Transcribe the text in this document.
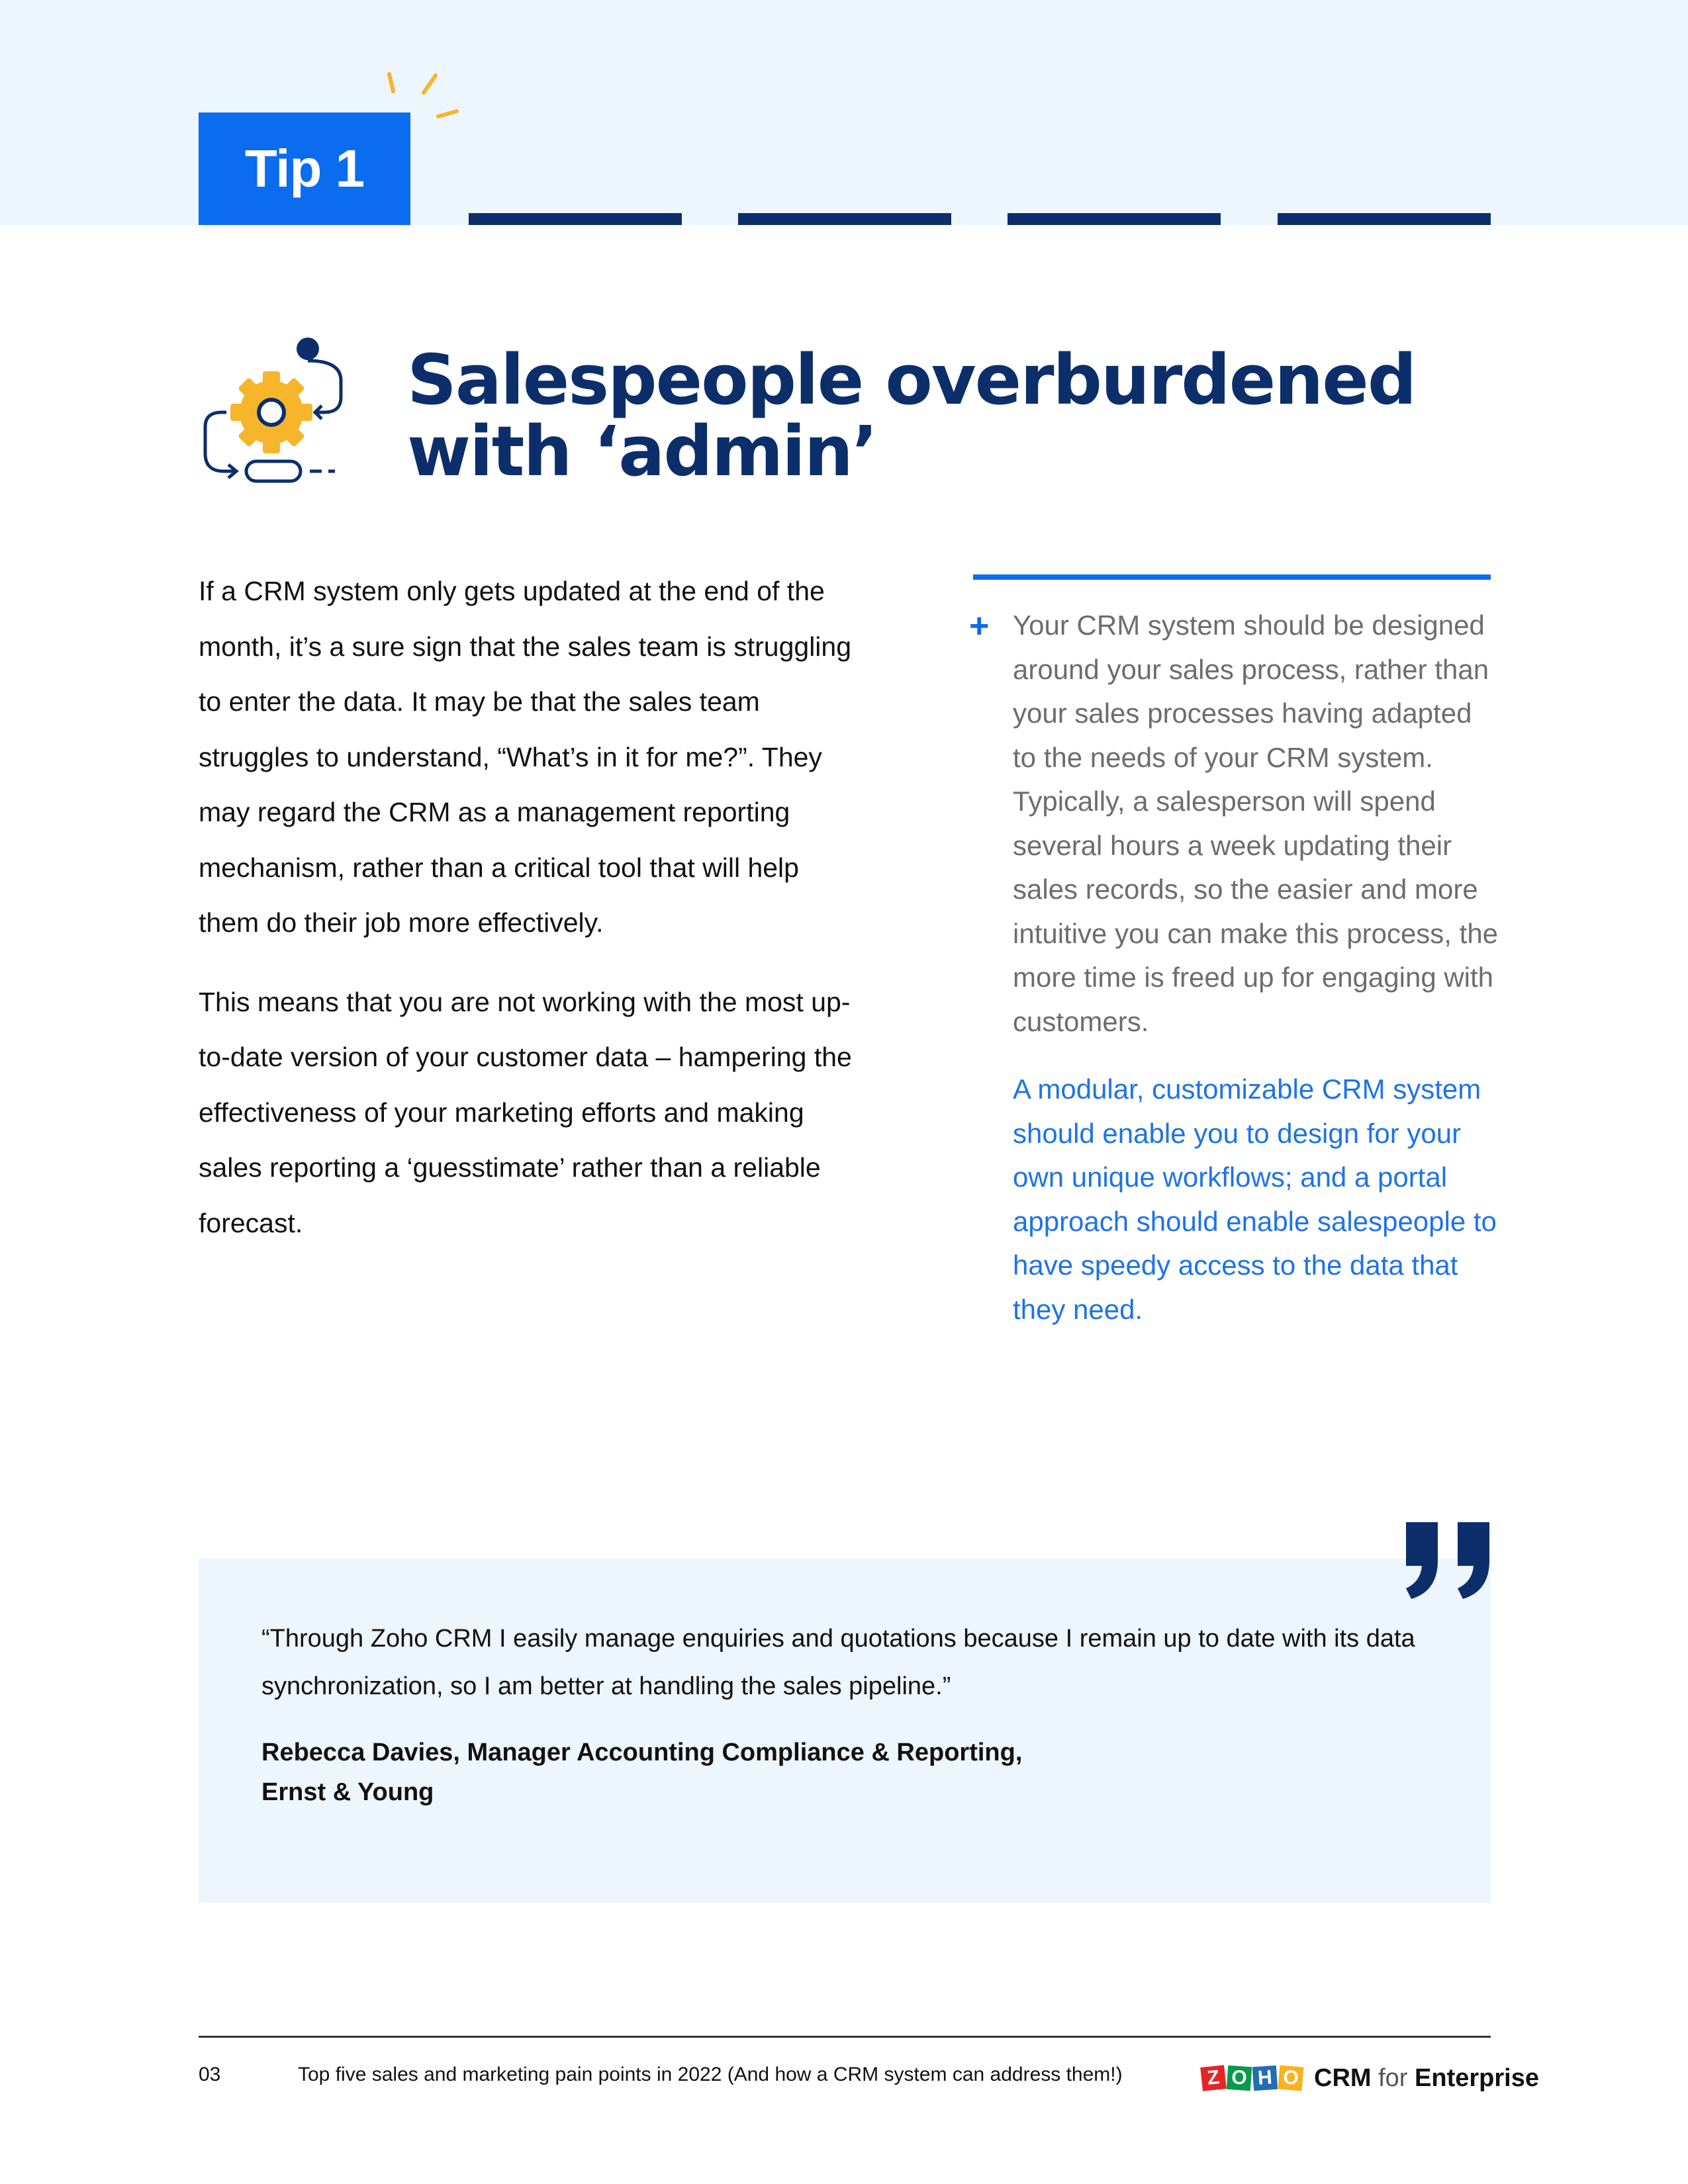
Tip 1
Salespeople overburdened
with ‘admin’

If a CRM system only gets updated at the end of the month, it’s a sure sign that the sales team is struggling to enter the data. It may be that the sales team struggles to understand, “What’s in it for me?”. They may regard the CRM as a management reporting mechanism, rather than a critical tool that will help them do their job more effectively.

This means that you are not working with the most up-to-date version of your customer data – hampering the effectiveness of your marketing efforts and making sales reporting a ‘guesstimate’ rather than a reliable forecast.

+ Your CRM system should be designed around your sales process, rather than your sales processes having adapted to the needs of your CRM system. Typically, a salesperson will spend several hours a week updating their sales records, so the easier and more intuitive you can make this process, the more time is freed up for engaging with customers.

A modular, customizable CRM system should enable you to design for your own unique workflows; and a portal approach should enable salespeople to have speedy access to the data that they need.

“Through Zoho CRM I easily manage enquiries and quotations because I remain up to date with its data synchronization, so I am better at handling the sales pipeline.”

Rebecca Davies, Manager Accounting Compliance & Reporting,
Ernst & Young
03	Top five sales and marketing pain points in 2022 (And how a CRM system can address them!)	Z O H O CRM for Enterprise
